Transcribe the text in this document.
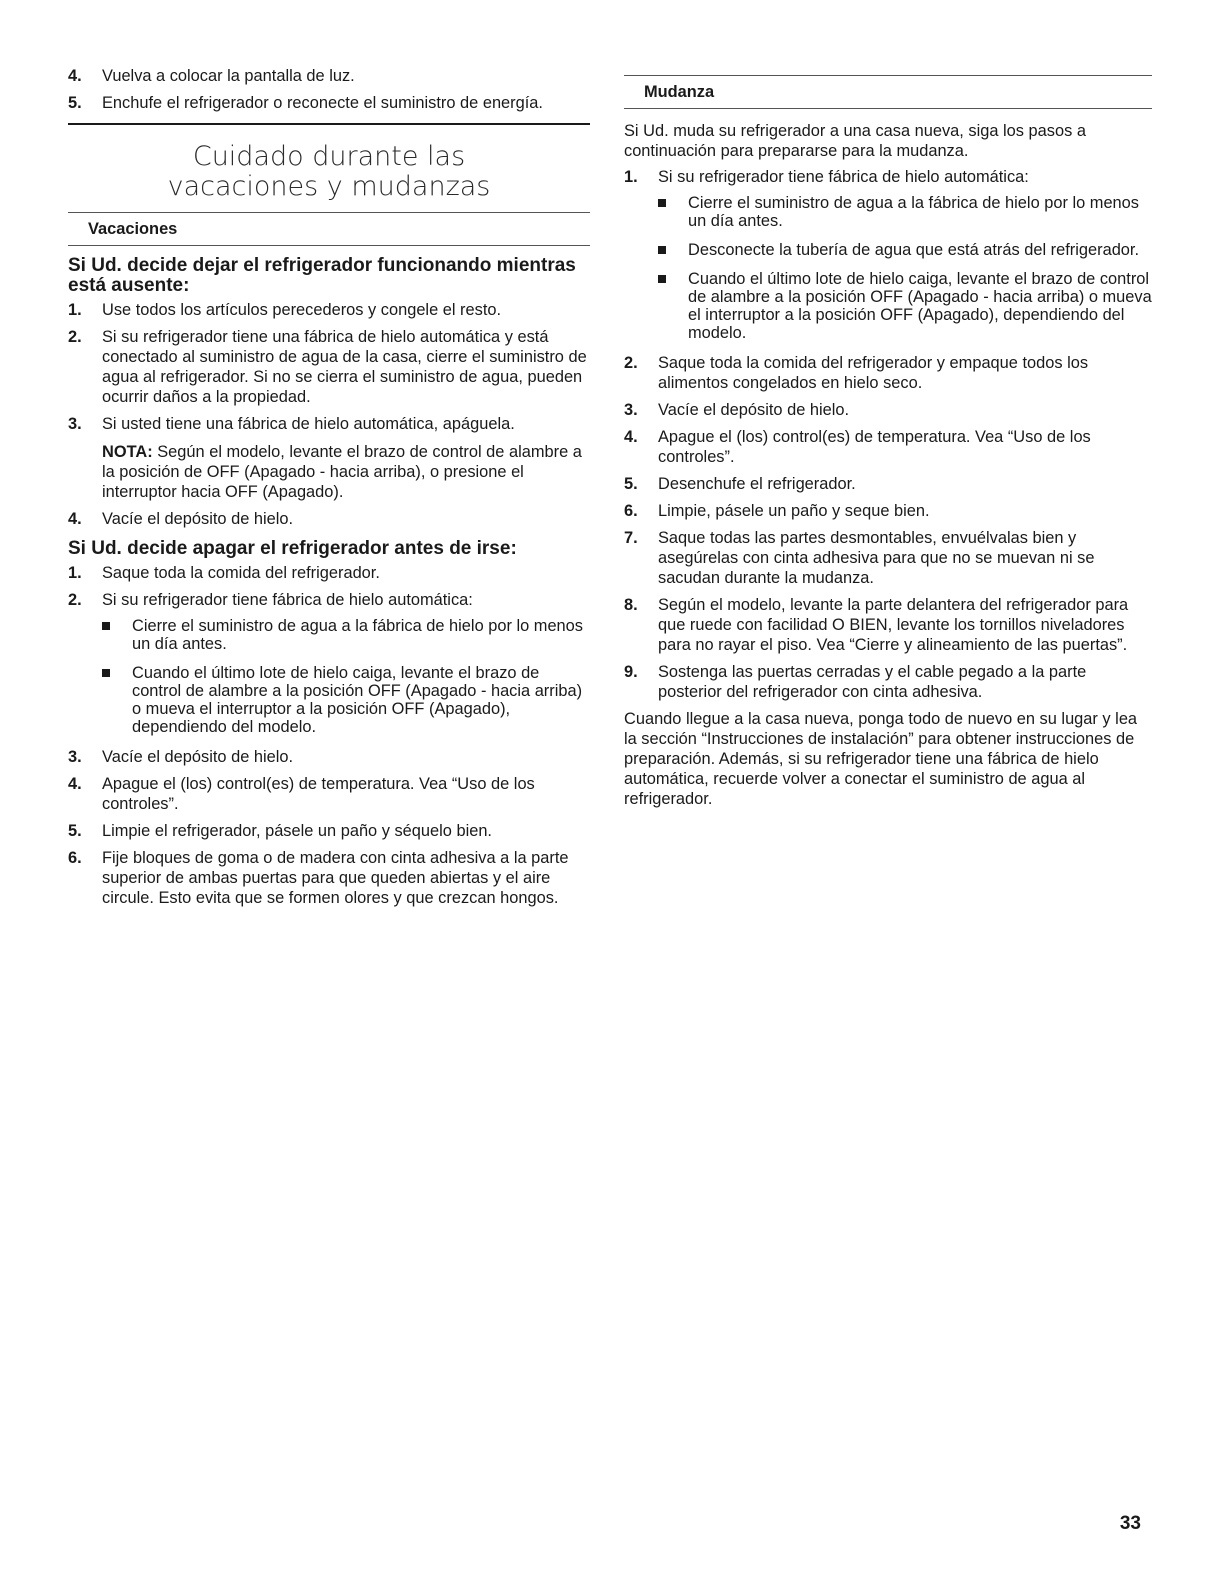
4. Vuelva a colocar la pantalla de luz.
5. Enchufe el refrigerador o reconecte el suministro de energía.
Cuidado durante las vacaciones y mudanzas
Vacaciones
Si Ud. decide dejar el refrigerador funcionando mientras está ausente:
1. Use todos los artículos perecederos y congele el resto.
2. Si su refrigerador tiene una fábrica de hielo automática y está conectado al suministro de agua de la casa, cierre el suministro de agua al refrigerador. Si no se cierra el suministro de agua, pueden ocurrir daños a la propiedad.
3. Si usted tiene una fábrica de hielo automática, apáguela.
NOTA: Según el modelo, levante el brazo de control de alambre a la posición de OFF (Apagado - hacia arriba), o presione el interruptor hacia OFF (Apagado).
4. Vacíe el depósito de hielo.
Si Ud. decide apagar el refrigerador antes de irse:
1. Saque toda la comida del refrigerador.
2. Si su refrigerador tiene fábrica de hielo automática:
Cierre el suministro de agua a la fábrica de hielo por lo menos un día antes.
Cuando el último lote de hielo caiga, levante el brazo de control de alambre a la posición OFF (Apagado - hacia arriba) o mueva el interruptor a la posición OFF (Apagado), dependiendo del modelo.
3. Vacíe el depósito de hielo.
4. Apague el (los) control(es) de temperatura. Vea “Uso de los controles”.
5. Limpie el refrigerador, pásele un paño y séquelo bien.
6. Fije bloques de goma o de madera con cinta adhesiva a la parte superior de ambas puertas para que queden abiertas y el aire circule. Esto evita que se formen olores y que crezcan hongos.
Mudanza

Si Ud. muda su refrigerador a una casa nueva, siga los pasos a continuación para prepararse para la mudanza.

1. Si su refrigerador tiene fábrica de hielo automática:
Cierre el suministro de agua a la fábrica de hielo por lo menos un día antes.
Desconecte la tubería de agua que está atrás del refrigerador.
Cuando el último lote de hielo caiga, levante el brazo de control de alambre a la posición OFF (Apagado - hacia arriba) o mueva el interruptor a la posición OFF (Apagado), dependiendo del modelo.
2. Saque toda la comida del refrigerador y empaque todos los alimentos congelados en hielo seco.
3. Vacíe el depósito de hielo.
4. Apague el (los) control(es) de temperatura. Vea “Uso de los controles”.
5. Desenchufe el refrigerador.
6. Limpie, pásele un paño y seque bien.
7. Saque todas las partes desmontables, envuélvalas bien y asegúrelas con cinta adhesiva para que no se muevan ni se sacudan durante la mudanza.
8. Según el modelo, levante la parte delantera del refrigerador para que ruede con facilidad O BIEN, levante los tornillos niveladores para no rayar el piso. Vea “Cierre y alineamiento de las puertas”.
9. Sostenga las puertas cerradas y el cable pegado a la parte posterior del refrigerador con cinta adhesiva.

Cuando llegue a la casa nueva, ponga todo de nuevo en su lugar y lea la sección “Instrucciones de instalación” para obtener instrucciones de preparación. Además, si su refrigerador tiene una fábrica de hielo automática, recuerde volver a conectar el suministro de agua al refrigerador.

33
